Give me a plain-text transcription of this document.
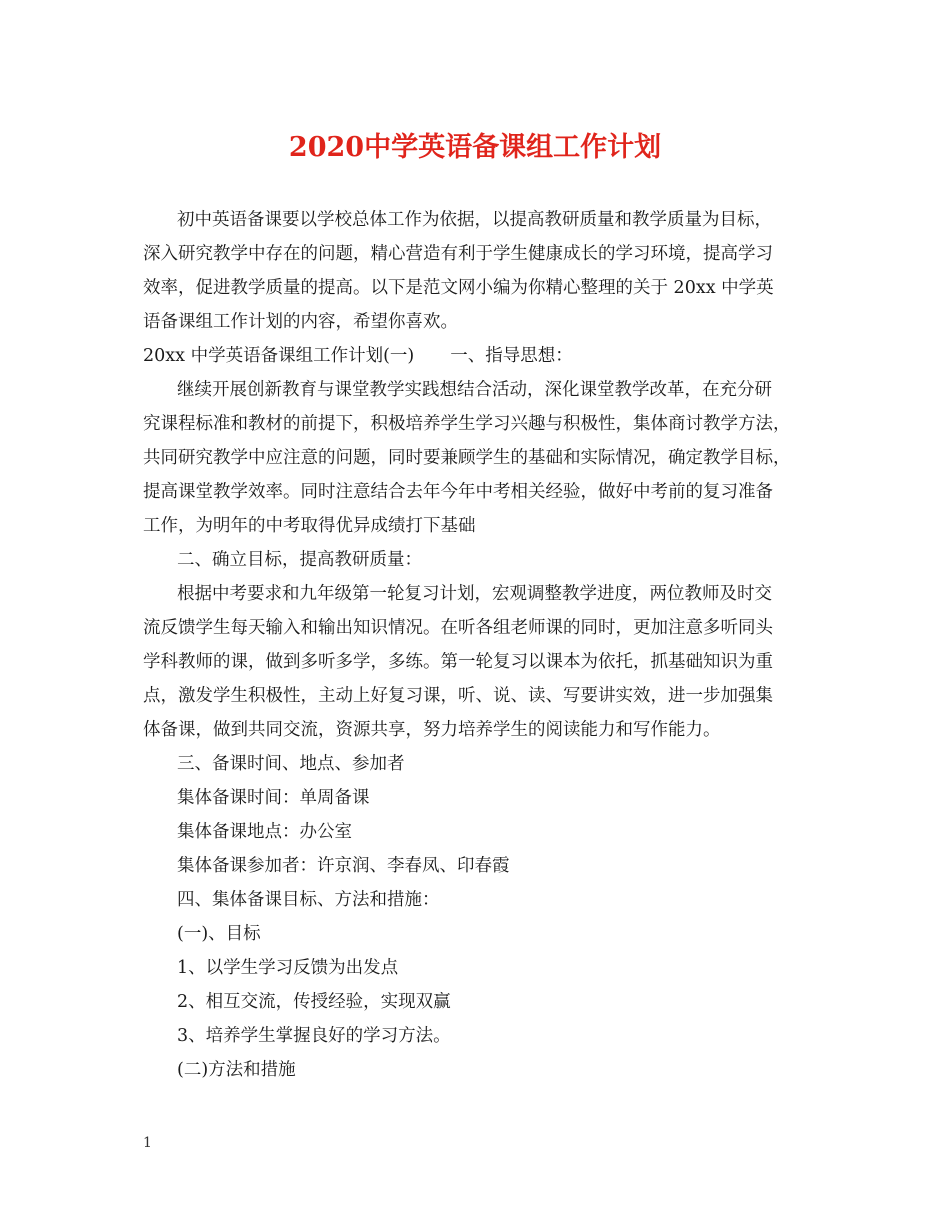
2020中学英语备课组工作计划
初中英语备课要以学校总体工作为依据，以提高教研质量和教学质量为目标，
深入研究教学中存在的问题，精心营造有利于学生健康成长的学习环境，提高学习
效率，促进教学质量的提高。以下是范文网小编为你精心整理的关于 20xx 中学英
语备课组工作计划的内容，希望你喜欢。
20xx 中学英语备课组工作计划(一) 一、指导思想：
继续开展创新教育与课堂教学实践想结合活动，深化课堂教学改革，在充分研
究课程标准和教材的前提下，积极培养学生学习兴趣与积极性，集体商讨教学方法，
共同研究教学中应注意的问题，同时要兼顾学生的基础和实际情况，确定教学目标，
提高课堂教学效率。同时注意结合去年今年中考相关经验，做好中考前的复习准备
工作，为明年的中考取得优异成绩打下基础
二、确立目标，提高教研质量：
根据中考要求和九年级第一轮复习计划，宏观调整教学进度，两位教师及时交
流反馈学生每天输入和输出知识情况。在听各组老师课的同时，更加注意多听同头
学科教师的课，做到多听多学，多练。第一轮复习以课本为依托，抓基础知识为重
点，激发学生积极性，主动上好复习课，听、说、读、写要讲实效，进一步加强集
体备课，做到共同交流，资源共享，努力培养学生的阅读能力和写作能力。
三、备课时间、地点、参加者
集体备课时间：单周备课
集体备课地点：办公室
集体备课参加者：许京润、李春凤、印春霞
四、集体备课目标、方法和措施：
(一)、目标
1、以学生学习反馈为出发点
2、相互交流，传授经验，实现双赢
3、培养学生掌握良好的学习方法。
(二)方法和措施
1
